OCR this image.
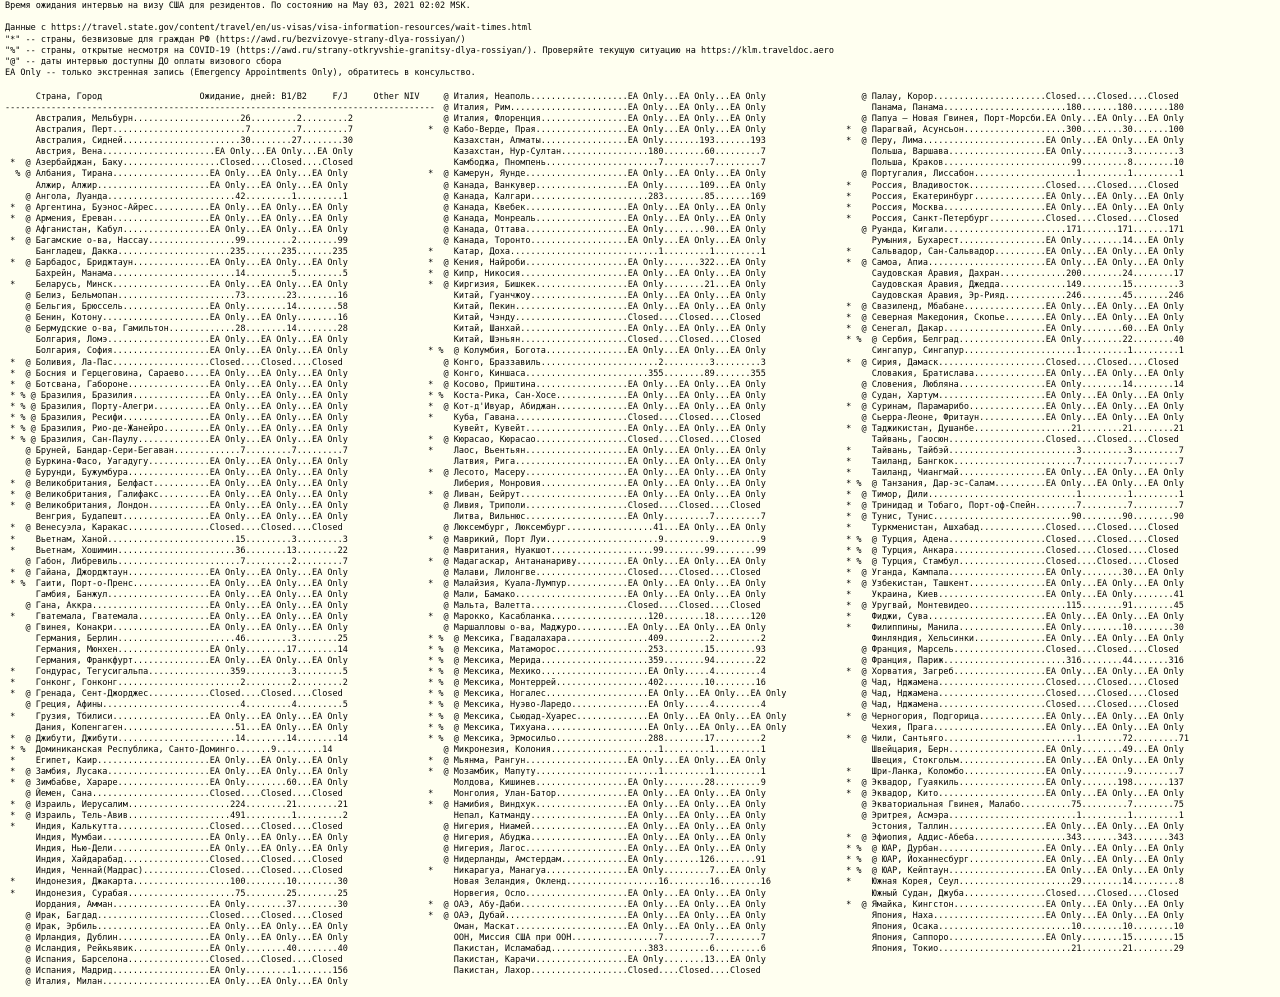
Время ожидания интервью на визу США для резидентов. По состоянию на May 03, 2021 02:02 MSK.
Данные с https://travel.state.gov/content/travel/en/us-visas/visa-information-resources/wait-times.html
"*" -- страны, безвизовые для граждан РФ (https://awd.ru/bezvizovye-strany-dlya-rossiyan/)
"%" -- страны, открытые несмотря на COVID-19 (https://awd.ru/strany-otkryvshie-granitsy-dlya-rossiyan/). Проверяйте текущую ситуацию на https://klm.traveldoc.aero
"@" -- даты интервью доступны ДО оплаты визового сбора
EA Only -- только экстренная запись (Emergency Appointments Only), обратитесь в консульство.
Страна, Город                   Ожидание, дней: B1/B2     F/J     Other NIV
------------------------------------------------------------------------------------
Австралия, Мельбурн.....................26.........2.........2
Австралия, Перт..........................7.........7.........7
Австралия, Сидней.......................30........27........30
Австрия, Вена......................EA Only...EA Only...EA Only
*  @ Азербайджан, Баку...................Closed....Closed....Closed
% @ Албания, Тирана...................EA Only...EA Only...EA Only
Алжир, Алжир......................EA Only...EA Only...EA Only
@ Ангола, Луанда.........................42.........1.........1
*  @ Аргентина, Буэнос-Айрес...........EA Only...EA Only...EA Only
*  @ Армения, Ереван...................EA Only...EA Only...EA Only
@ Афганистан, Кабул.................EA Only...EA Only...EA Only
*  @ Багамские о-ва, Нассау.................99.........2........99
Бангладеш, Дакка......................235.......235.......235
*  @ Барбадос, Бриджтаун...............EA Only...EA Only...EA Only
Бахрейн, Манама........................14.........5.........5
*    Беларусь, Минск...................EA Only...EA Only...EA Only
@ Белиз, Бельмопан.......................73........23........16
@ Бельгия, Брюссель.................EA Only........14........58
@ Бенин, Котону.....................EA Only...EA Only........16
@ Бермудские о-ва, Гамильтон.............28........14........28
Болгария, Ломэ....................EA Only...EA Only...EA Only
Болгария, София...................EA Only...EA Only...EA Only
*  @ Боливия, Ла-Пас...................Closed....Closed....Closed
*  @ Босния и Герцеговина, Сараево.....EA Only...EA Only...EA Only
*  @ Ботсвана, Габороне................EA Only...EA Only...EA Only
* % @ Бразилия, Бразилия...............EA Only...EA Only...EA Only
* % @ Бразилия, Порту-Алегри...........EA Only...EA Only...EA Only
* % @ Бразилия, Ресифи.................EA Only...EA Only...EA Only
* % @ Бразилия, Рио-де-Жанейро.........EA Only...EA Only...EA Only
* % @ Бразилия, Сан-Паулу..............EA Only...EA Only...EA Only
@ Бруней, Бандар-Сери-Бегаван.............7.........7.........7
@ Буркина-Фасо, Уагадугу............EA Only...EA Only...EA Only
@ Бурунди, Бужумбура................EA Only...EA Only...EA Only
*  @ Великобритания, Белфаст...........EA Only...EA Only...EA Only
*  @ Великобритания, Галифакс..........EA Only...EA Only...EA Only
*  @ Великобритания, Лондон............EA Only...EA Only...EA Only
Венгрия, Будапешт.................EA Only...EA Only...EA Only
*  @ Венесуэла, Каракас................Closed....Closed....Closed
*    Вьетнам, Ханой.........................15.........3.........3
*    Вьетнам, Хошимин.......................36........13........22
@ Габон, Либревиль........................7.........2.........7
*  @ Гайана, Джорджтаун................EA Only...EA Only...EA Only
* %  Гаити, Порт-о-Пренс...............EA Only...EA Only...EA Only
Гамбия, Банжул....................EA Only...EA Only...EA Only
@ Гана, Аккра.......................EA Only...EA Only...EA Only
*    Гватемала, Гватемала..............EA Only...EA Only...EA Only
@ Гвинея, Конакри...................EA Only...EA Only...EA Only
Германия, Берлин.......................46.........3........25
Германия, Мюнхен..................EA Only........17........14
Германия, Франкфурт...............EA Only...EA Only...EA Only
*    Гондурас, Тегусигальпа................359.........3.........5
*    Гонконг, Гонконг........................2.........2.........2
*  @ Гренада, Сент-Джорджес............Closed....Closed....Closed
@ Греция, Афины...........................4.........4.........5
*    Грузия, Тбилиси...................EA Only...EA Only...EA Only
Дания, Копенгаген......................51...EA Only...EA Only
*  @ Джибути, Джибути.......................14........14........14
* %  Доминиканская Республика, Санто-Доминго.......9.........14
*    Египет, Каир......................EA Only...EA Only...EA Only
*  @ Замбия, Лусака....................EA Only...EA Only...EA Only
*  @ Зимбабве, Хараре..................EA Only........60...EA Only
@ Йемен, Сана.......................Closed....Closed....Closed
*  @ Израиль, Иерусалим....................224........21........21
*  @ Израиль, Тель-Авив....................491.........1.........2
*    Индия, Калькутта..................Closed....Closed....Closed
Индия, Мумбаи.....................EA Only...EA Only...EA Only
Индия, Нью-Дели...................EA Only...EA Only...EA Only
Индия, Хайдарабад.................Closed....Closed....Closed
Индия, Ченнай(Мадрас).............Closed....Closed....Closed
*    Индонезия, Джакарта...................100........10........30
*    Индонезия, Сурабая.....................75........25........25
Иордания, Амман...................EA Only........37........30
@ Ирак, Багдад......................Closed....Closed....Closed
@ Ирак, Эрбиль......................EA Only...EA Only...EA Only
@ Ирландия, Дублин..................EA Only...EA Only...EA Only
@ Исландия, Рейкьявик...............EA Only........40........40
@ Испания, Барселона................Closed....Closed....Closed
@ Испания, Мадрид...................EA Only.........1.......156
@ Италия, Милан.....................EA Only...EA Only...EA Only
@ Италия, Неаполь...................EA Only...EA Only...EA Only
@ Италия, Рим.......................EA Only...EA Only...EA Only
@ Италия, Флоренция.................EA Only...EA Only...EA Only
*  @ Кабо-Верде, Прая..................EA Only...EA Only...EA Only
Казахстан, Алматы.................EA Only.......193.......193
Казахстан, Нур-Султан.................180........60.........7
Камбоджа, Пномпень......................7.........7.........7
*  @ Камерун, Яунде....................EA Only...EA Only...EA Only
@ Канада, Ванкувер..................EA Only.......109...EA Only
@ Канада, Калгари.......................283........85.......169
@ Канада, Квебек....................EA Only...EA Only...EA Only
@ Канада, Монреаль..................EA Only...EA Only...EA Only
@ Канада, Оттава....................EA Only........90...EA Only
@ Канада, Торонто...................EA Only...EA Only...EA Only
*    Катар, Доха.............................1.........1.........1
*  @ Кения, Найроби....................EA Only.......322...EA Only
*  @ Кипр, Никосия.....................EA Only...EA Only...EA Only
*  @ Киргизия, Бишкек..................EA Only........21...EA Only
Китай, Гуанчжоу...................EA Only...EA Only...EA Only
Китай, Пекин......................EA Only...EA Only...EA Only
Китай, Чэнду......................Closed....Closed....Closed
Китай, Шанхай.....................EA Only...EA Only...EA Only
Китай, Шэньян.....................Closed....Closed....Closed
* %  @ Колумбия, Богота................EA Only...EA Only...EA Only
@ Конго, Браззавиль.......................2.........3.........3
@ Конго, Киншаса........................355........89.......355
*  @ Косово, Приштина..................EA Only...EA Only...EA Only
* %  Коста-Рика, Сан-Хосе..............EA Only...EA Only...EA Only
*  @ Кот-д'Ивуар, Абиджан..............EA Only...EA Only...EA Only
*    Куба, Гавана......................Closed....Closed....Closed
Кувейт, Кувейт....................EA Only...EA Only...EA Only
*  @ Кюрасао, Кюрасао..................Closed....Closed....Closed
*    Лаос, Вьентьян....................EA Only...EA Only...EA Only
Латвия, Рига......................EA Only...EA Only...EA Only
*  @ Лесото, Масеру....................EA Only...EA Only...EA Only
Либерия, Монровия.................EA Only...EA Only...EA Only
*  @ Ливан, Бейрут.....................EA Only...EA Only...EA Only
@ Ливия, Триполи....................Closed....Closed....Closed
Литва, Вильнюс....................EA Only.........7.........7
@ Люксембург, Люксембург.................41...EA Only...EA Only
*  @ Маврикий, Порт Луи......................9.........9.........9
@ Мавритания, Нуакшот....................99........99........99
*  @ Мадагаскар, Антананариву..........EA Only...EA Only...EA Only
@ Малави, Лилонгве..................Closed....Closed....Closed
*  @ Малайзия, Куала-Лумпур............EA Only...EA Only...EA Only
@ Мали, Бамако......................EA Only...EA Only...EA Only
@ Мальта, Валетта...................Closed....Closed....Closed
*  @ Марокко, Касабланка...................120........18.......120
@ Маршалловы о-ва, Маджуро..........EA Only...EA Only...EA Only
* %  @ Мексика, Гвадалахара................409.........2.........2
* %  @ Мексика, Матаморос..................253........15........93
* %  @ Мексика, Мерида.....................359........94........22
* %  @ Мексика, Мехико.....................EA Only.....4.........4
* %  @ Мексика, Монтеррей..................402........10........16
* %  @ Мексика, Ногалес....................EA Only...EA Only...EA Only
* %  @ Мексика, Нуэво-Ларедо...............EA Only.....4.........4
* %  @ Мексика, Сьюдад-Хуарес..............EA Only...EA Only...EA Only
* %  @ Мексика, Тихуана....................EA Only...EA Only...EA Only
* %  @ Мексика, Эрмосильо..................288........17.........2
@ Микронезия, Колония.....................1.........1.........1
*  @ Мьянма, Рангун....................EA Only...EA Only...EA Only
*  @ Мозамбик, Мапуту........................1.........1.........1
Молдова, Кишинев..................EA Only........28.........9
*    Монголия, Улан-Батор..............EA Only...EA Only...EA Only
*  @ Намибия, Виндхук..................EA Only...EA Only...EA Only
Непал, Катманду...................EA Only...EA Only...EA Only
@ Нигерия, Ниамей...................EA Only...EA Only...EA Only
@ Нигерия, Абуджа...................EA Only...EA Only...EA Only
@ Нигерия, Лагос....................EA Only...EA Only...EA Only
@ Нидерланды, Амстердам.............EA Only.......126........91
*    Никарагуа, Манагуа................EA Only.........7...EA Only
Новая Зеландия, Окленд..................16........16........16
Норвегия, Осло....................EA Only...EA Only...EA Only
*  @ ОАЭ, Абу-Даби.....................EA Only...EA Only...EA Only
*  @ ОАЭ, Дубай........................EA Only...EA Only...EA Only
Оман, Маскат......................EA Only...EA Only...EA Only
ООН, Миссия США при ООН.................7.........7.........7
Пакистан, Исламабад...................383.........6.........6
Пакистан, Карачи..................EA Only........13...EA Only
Пакистан, Лахор...................Closed....Closed....Closed
@ Палау, Корор......................Closed....Closed....Closed
Панама, Панама........................180.......180.......180
@ Папуа — Новая Гвинея, Порт-Морсби.EA Only...EA Only...EA Only
*  @ Парагвай, Асунсьон....................300........30.......100
*  @ Перу, Лима........................EA Only...EA Only...EA Only
Польша, Варшава...................EA Only.........3.........3
Польша, Краков.........................99.........8........10
@ Португалия, Лиссабон....................1.........1.........1
*    Россия, Владивосток...............Closed....Closed....Closed
*    Россия, Екатеринбург..............EA Only...EA Only...EA Only
*    Россия, Москва....................EA Only...EA Only...EA Only
*    Россия, Санкт-Петербург...........Closed....Closed....Closed
@ Руанда, Кигали........................171.......171.......171
Румыния, Бухарест.................EA Only........14...EA Only
*    Сальвадор, Сан-Сальвадор..........EA Only...EA Only...EA Only
*  @ Самоа, Апиа.......................EA Only...EA Only...EA Only
Саудовская Аравия, Дахран.............200........24........17
Саудовская Аравия, Джедда.............149........15.........3
Саудовская Аравия, Эр-Рияд............246........45.......246
*  @ Свазиленд, Мбабане................EA Only...EA Only...EA Only
*  @ Северная Македония, Скопье........EA Only...EA Only...EA Only
*  @ Сенегал, Дакар....................EA Only........60...EA Only
* %  @ Сербия, Белград.................EA Only........22........40
Сингапур, Сингапур......................1.........1.........1
*  @ Сирия, Дамаск.....................Closed....Closed....Closed
Словакия, Братислава..............EA Only...EA Only...EA Only
@ Словения, Любляна.................EA Only........14........14
@ Судан, Хартум.....................EA Only...EA Only...EA Only
*  @ Суринам, Парамарибо...............EA Only...EA Only...EA Only
@ Сьерра-Леоне, Фритаун.............EA Only...EA Only...EA Only
*  @ Таджикистан, Душанбе...................21........21........21
Тайвань, Гаосюн...................Closed....Closed....Closed
*    Тайвань, Тайбэй.........................3.........3.........7
*    Таиланд, Бангкок........................7.........7.........7
*    Таиланд, Чиангмай.................EA Only...EA Only...EA Only
* %  @ Танзания, Дар-эс-Салам..........EA Only...EA Only...EA Only
*  @ Тимор, Дили.............................1.........1.........1
*  @ Тринидад и Тобаго, Порт-оф-Спейн........7.........7.........7
*  @ Тунис, Тунис...........................90........90........90
*    Туркменистан, Ашхабад.............Closed....Closed....Closed
* %  @ Турция, Адена...................Closed....Closed....Closed
* %  @ Турция, Анкара..................Closed....Closed....Closed
* %  @ Турция, Стамбул.................Closed....Closed....Closed
*  @ Уганда, Кампала...................EA Only........30...EA Only
*  @ Узбекистан, Ташкент...............EA Only...EA Only...EA Only
*    Украина, Киев.....................EA Only...EA Only........41
*  @ Уругвай, Монтевидео...................115........91........45
*    Фиджи, Сува.......................EA Only...EA Only...EA Only
*    Филиппины, Манила.................EA Only........10........30
Финляндия, Хельсинки..............EA Only...EA Only...EA Only
@ Франция, Марсель..................Closed....Closed....Closed
@ Франция, Париж........................316........44.......316
*  @ Хорватия, Загреб..................EA Only...EA Only...EA Only
@ Чад, Нджамена.....................Closed....Closed....Closed
@ Чад, Нджамена.....................Closed....Closed....Closed
@ Чад, Нджамена.....................Closed....Closed....Closed
*  @ Черногория, Подгорица.............EA Only...EA Only...EA Only
Чехия, Прага......................EA Only...EA Only...EA Only
*  @ Чили, Сантьяго..........................1........72.........71
Швейцария, Берн...................EA Only........49...EA Only
Швеция, Стокгольм.................EA Only...EA Only...EA Only
*    Шри-Ланка, Коломбо................EA Only.........9.........7
*  @ Эквадор, Гуаякиль.................EA Only.......198.......137
*  @ Эквадор, Кито.....................EA Only...EA Only...EA Only
@ Экваториальная Гвинея, Малабо..........75.........7........75
@ Эритрея, Асмэра.........................1.........1.........1
Эстония, Таллин...................EA Only...EA Only...EA Only
*  @ Эфиопия, Аддис-Абеба..................343.......343.......343
* %  @ ЮАР, Дурбан.....................EA Only...EA Only...EA Only
* %  @ ЮАР, Йоханнесбург...............EA Only...EA Only...EA Only
* %  @ ЮАР, Кейптаун...................EA Only...EA Only...EA Only
*    Южная Корея, Сеул......................29........14.........8
Южный Судан, Джуба................Closed....Closed....Closed
*  @ Ямайка, Кингстон..................EA Only...EA Only...EA Only
Япония, Наха......................EA Only...EA Only...EA Only
Япония, Осака..........................10........10........10
Япония, Саппоро...................EA Only........15........15
Япония, Токио..........................21........21........29
